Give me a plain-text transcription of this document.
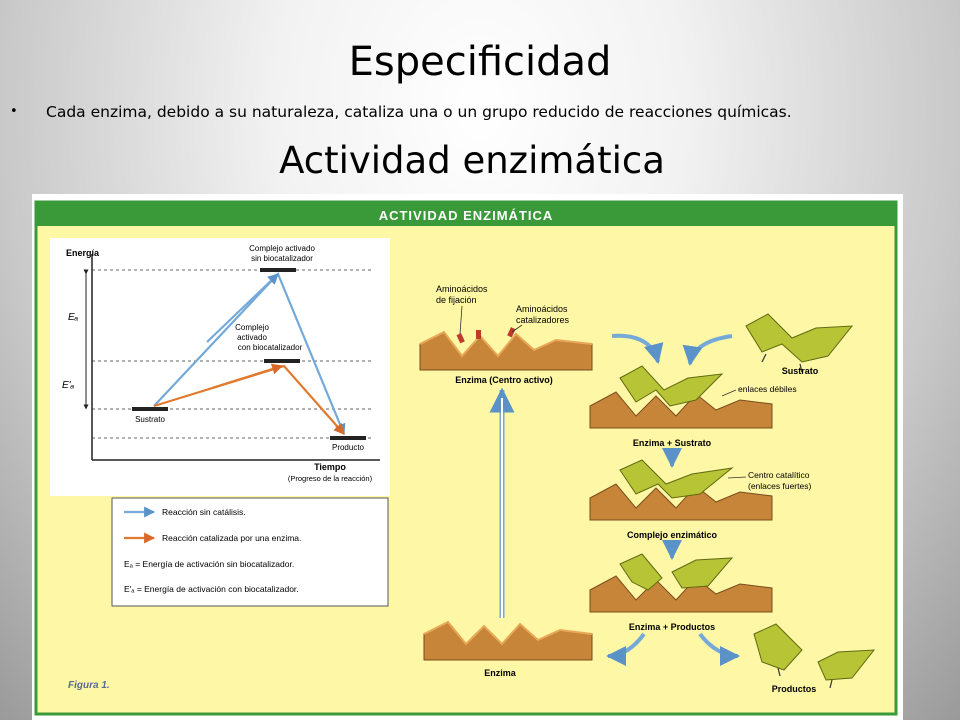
Especificidad
• Cada enzima, debido a su naturaleza, cataliza una o un grupo reducido de reacciones químicas.
Actividad enzimática
ACTIVIDAD ENZIMÁTICA
Energía
Tiempo
(Progreso de la reacción)
Eₐ
E'ₐ
Complejo activado
sin biocatalizador
Complejo
activado
con biocatalizador
Sustrato
Producto
Reacción sin catálisis.
Reacción catalizada por una enzima.
Eₐ = Energía de activación sin biocatalizador.
E'ₐ = Energía de activación con biocatalizador.
Figura 1.
Aminoácidos
de fijación
Aminoácidos
catalizadores
Enzima (Centro activo)
Sustrato
enlaces débiles
Enzima + Sustrato
Centro catalítico
(enlaces fuertes)
Complejo enzimático
Enzima + Productos
Productos
Enzima
